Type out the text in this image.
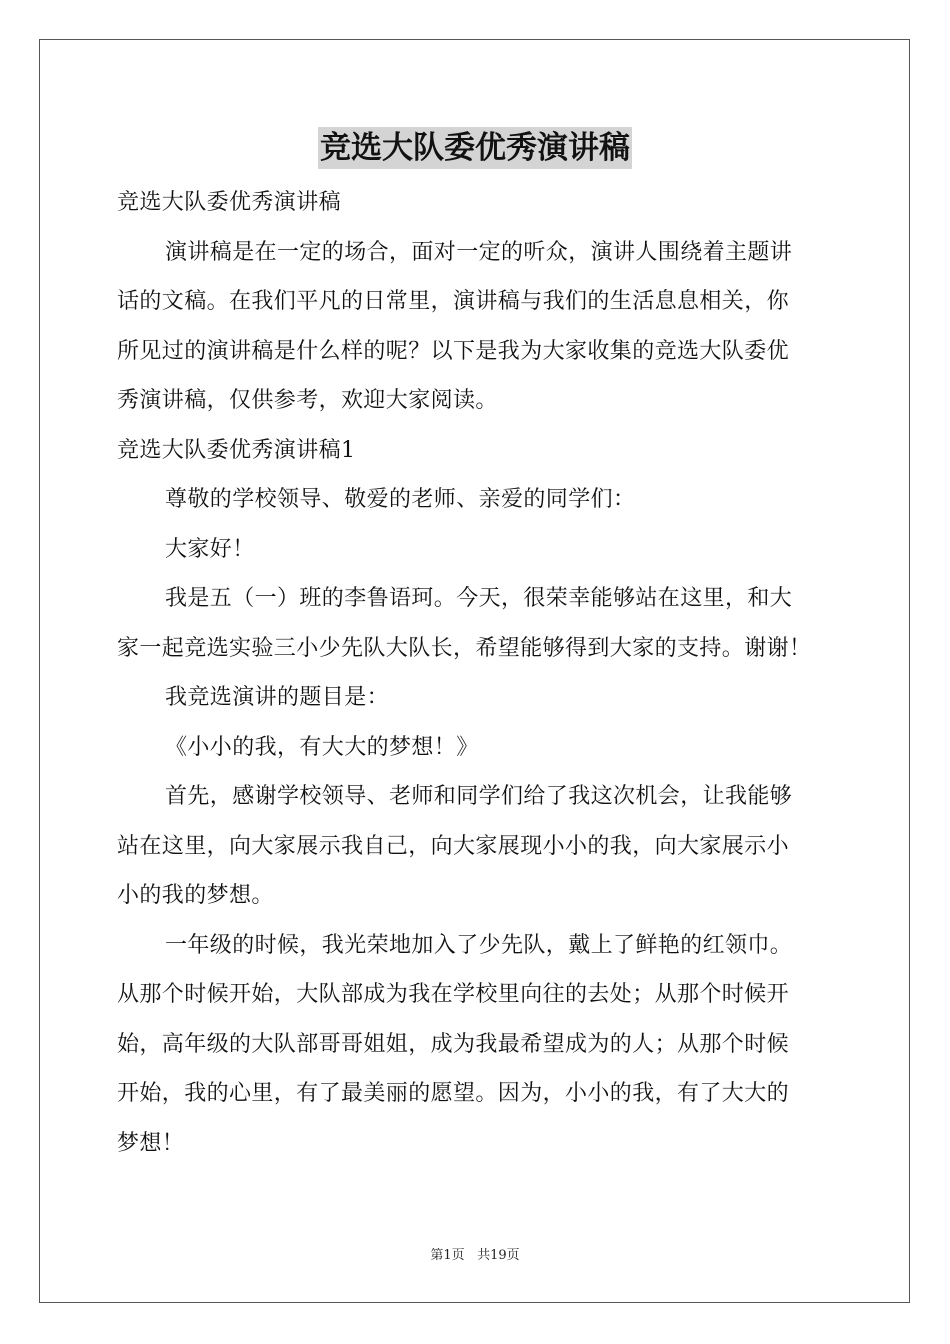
竞选大队委优秀演讲稿
竞选大队委优秀演讲稿
演讲稿是在一定的场合，面对一定的听众，演讲人围绕着主题讲
话的文稿。在我们平凡的日常里，演讲稿与我们的生活息息相关，你
所见过的演讲稿是什么样的呢？以下是我为大家收集的竞选大队委优
秀演讲稿，仅供参考，欢迎大家阅读。
竞选大队委优秀演讲稿1
尊敬的学校领导、敬爱的老师、亲爱的同学们：
大家好！
我是五（一）班的李鲁语珂。今天，很荣幸能够站在这里，和大
家一起竞选实验三小少先队大队长，希望能够得到大家的支持。谢谢！
我竞选演讲的题目是：
《小小的我，有大大的梦想！》
首先，感谢学校领导、老师和同学们给了我这次机会，让我能够
站在这里，向大家展示我自己，向大家展现小小的我，向大家展示小
小的我的梦想。
一年级的时候，我光荣地加入了少先队，戴上了鲜艳的红领巾。
从那个时候开始，大队部成为我在学校里向往的去处；从那个时候开
始，高年级的大队部哥哥姐姐，成为我最希望成为的人；从那个时候
开始，我的心里，有了最美丽的愿望。因为，小小的我，有了大大的
梦想！
第1页 共19页
